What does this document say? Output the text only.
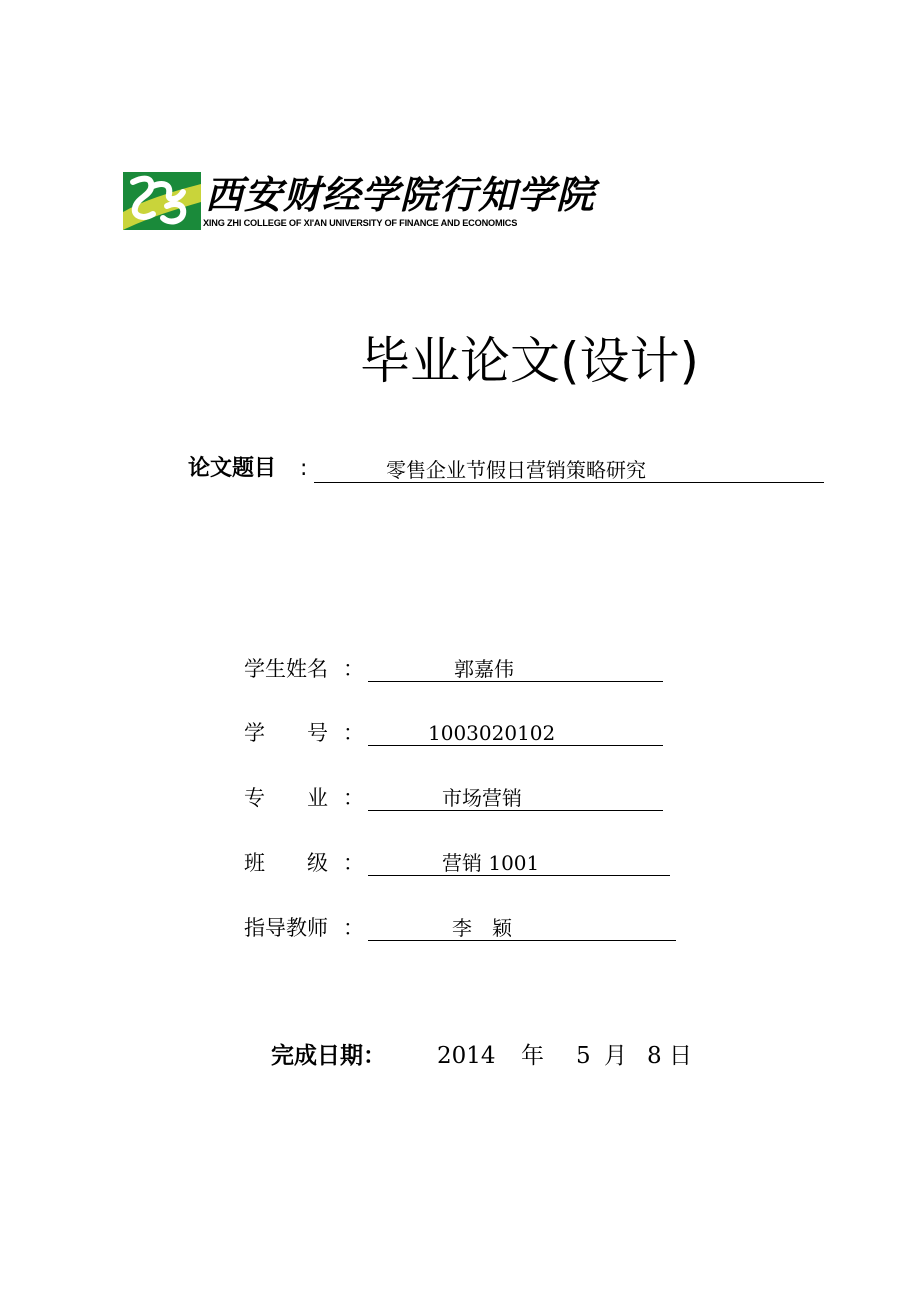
西安财经学院行知学院
XING ZHI COLLEGE OF XI'AN UNIVERSITY OF FINANCE AND ECONOMICS
毕业论文(设计)
论文题目 :	零售企业节假日营销策略研究
学生姓名 ：	郭嘉伟
学　　号 ：	1003020102
专　　业 ：	市场营销
班　　级 ：	营销 1001
指导教师 ：	李　颖
完成日期： 2014 年 5 月 8 日
